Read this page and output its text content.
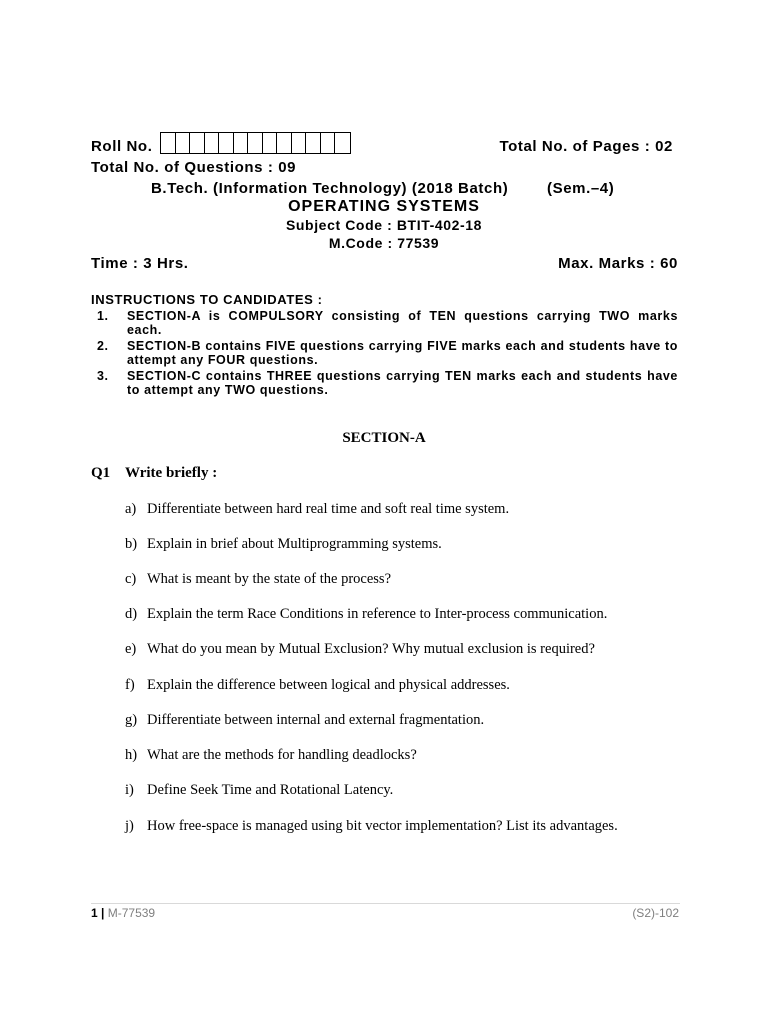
Roll No.	Total No. of Pages : 02
Total No. of Questions : 09
B.Tech. (Information Technology) (2018 Batch)	(Sem.–4)
OPERATING SYSTEMS
Subject Code : BTIT-402-18
M.Code : 77539
Time : 3 Hrs.	Max. Marks : 60
INSTRUCTIONS TO CANDIDATES :
1.	SECTION-A is COMPULSORY consisting of TEN questions carrying TWO marks each.
2.	SECTION-B contains FIVE questions carrying FIVE marks each and students have to attempt any FOUR questions.
3.	SECTION-C contains THREE questions carrying TEN marks each and students have to attempt any TWO questions.
SECTION-A
Q1 Write briefly :
a) Differentiate between hard real time and soft real time system.
b) Explain in brief about Multiprogramming systems.
c) What is meant by the state of the process?
d) Explain the term Race Conditions in reference to Inter-process communication.
e) What do you mean by Mutual Exclusion? Why mutual exclusion is required?
f) Explain the difference between logical and physical addresses.
g) Differentiate between internal and external fragmentation.
h) What are the methods for handling deadlocks?
i) Define Seek Time and Rotational Latency.
j) How free-space is managed using bit vector implementation? List its advantages.
1 | M-77539	(S2)-102
